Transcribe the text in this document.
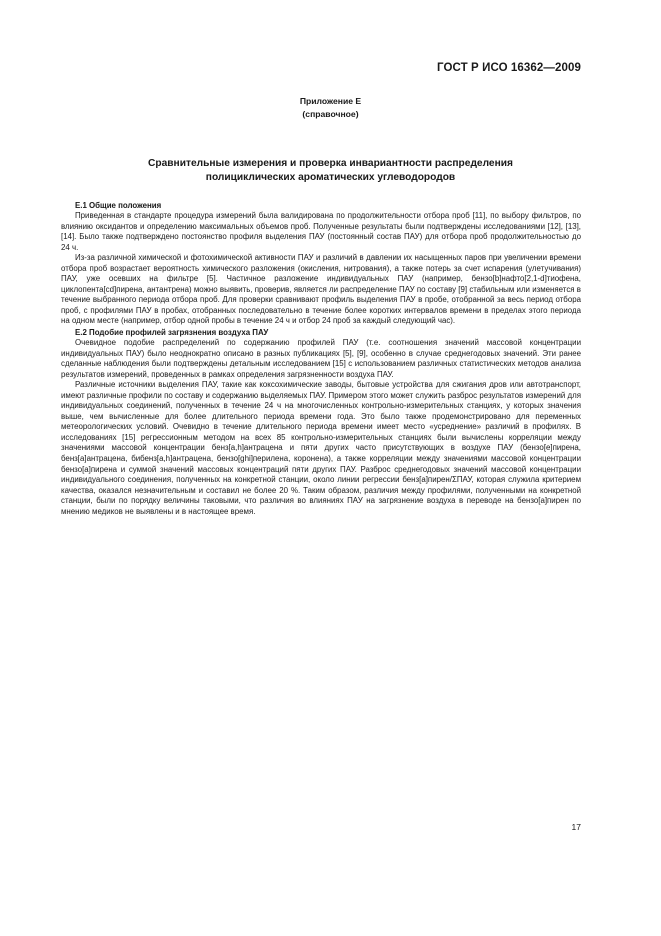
ГОСТ Р ИСО 16362—2009
Приложение Е
(справочное)
Сравнительные измерения и проверка инвариантности распределения
полициклических ароматических углеводородов
Е.1 Общие положения

Приведенная в стандарте процедура измерений была валидирована по продолжительности отбора проб [11], по выбору фильтров, по влиянию оксидантов и определению максимальных объемов проб. Полученные результаты были подтверждены исследованиями [12], [13], [14]. Было также подтверждено постоянство профиля выделения ПАУ (постоянный состав ПАУ) для отбора проб продолжительностью до 24 ч.

Из-за различной химической и фотохимической активности ПАУ и различий в давлении их насыщенных паров при увеличении времени отбора проб возрастает вероятность химического разложения (окисления, нитрования), а также потерь за счет испарения (улетучивания) ПАУ, уже осевших на фильтре [5]. Частичное разложение индивидуальных ПАУ (например, бензо[b]нафто[2,1-d]тиофена, циклопента[cd]пирена, антантрена) можно выявить, проверив, является ли распределение ПАУ по составу [9] стабильным или изменяется в течение выбранного периода отбора проб. Для проверки сравнивают профиль выделения ПАУ в пробе, отобранной за весь период отбора проб, с профилями ПАУ в пробах, отобранных последовательно в течение более коротких интервалов времени в пределах этого периода на одном месте (например, отбор одной пробы в течение 24 ч и отбор 24 проб за каждый следующий час).

Е.2 Подобие профилей загрязнения воздуха ПАУ

Очевидное подобие распределений по содержанию профилей ПАУ (т.е. соотношения значений массовой концентрации индивидуальных ПАУ) было неоднократно описано в разных публикациях [5], [9], особенно в случае среднегодовых значений. Эти ранее сделанные наблюдения были подтверждены детальным исследованием [15] с использованием различных статистических методов анализа результатов измерений, проведенных в рамках определения загрязненности воздуха ПАУ.

Различные источники выделения ПАУ, такие как коксохимические заводы, бытовые устройства для сжигания дров или автотранспорт, имеют различные профили по составу и содержанию выделяемых ПАУ. Примером этого может служить разброс результатов измерений для индивидуальных соединений, полученных в течение 24 ч на многочисленных контрольно-измерительных станциях, у которых значения выше, чем вычисленные для более длительного периода времени года. Это было также продемонстрировано для переменных метеорологических условий. Очевидно в течение длительного периода времени имеет место «усреднение» различий в профилях. В исследованиях [15] регрессионным методом на всех 85 контрольно-измерительных станциях были вычислены корреляции между значениями массовой концентрации бенз[a,h]антрацена и пяти других часто присутствующих в воздухе ПАУ (бензо[e]пирена, бенз[a]антрацена, бибенз[a,h]антрацена, бензо[ghi]перилена, коронена), а также корреляции между значениями массовой концентрации бензо[a]пирена и суммой значений массовых концентраций пяти других ПАУ. Разброс среднегодовых значений массовой концентрации индивидуального соединения, полученных на конкретной станции, около линии регрессии бенз[a]пирен/ΣПАУ, которая служила критерием качества, оказался незначительным и составил не более 20 %. Таким образом, различия между профилями, полученными на конкретной станции, были по порядку величины таковыми, что различия во влияниях ПАУ на загрязнение воздуха в переводе на бензо[a]пирен по мнению медиков не выявлены и в настоящее время.

17
